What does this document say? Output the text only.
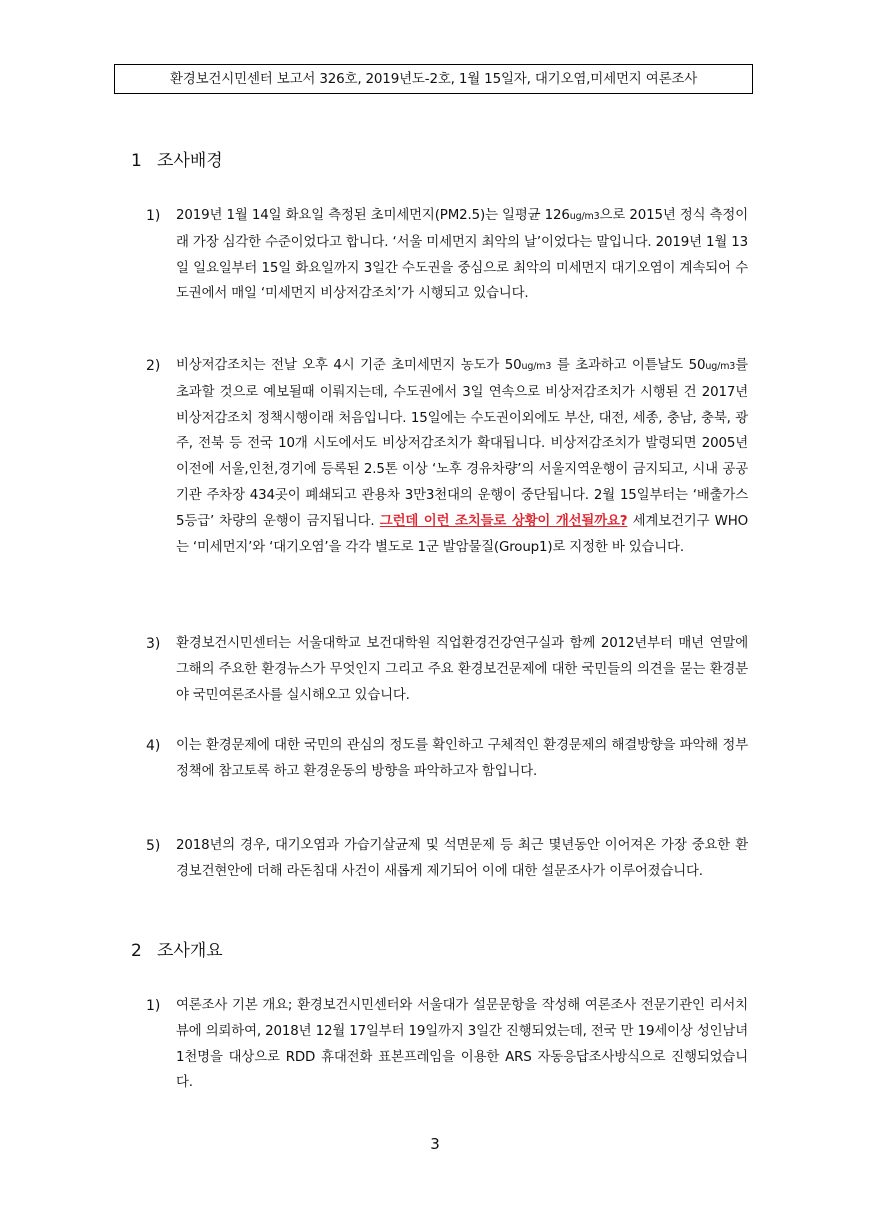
환경보건시민센터 보고서 326호, 2019년도-2호, 1월 15일자, 대기오염,미세먼지 여론조사
1 조사배경
1) 2019년 1월 14일 화요일 측정된 초미세먼지(PM2.5)는 일평균 126ug/m3으로 2015년 정식 측정이래 가장 심각한 수준이었다고 합니다. ‘서울 미세먼지 최악의 날’이었다는 말입니다. 2019년 1월 13일 일요일부터 15일 화요일까지 3일간 수도권을 중심으로 최악의 미세먼지 대기오염이 계속되어 수도권에서 매일 ‘미세먼지 비상저감조치’가 시행되고 있습니다.
2) 비상저감조치는 전날 오후 4시 기준 초미세먼지 농도가 50ug/m3 를 초과하고 이튿날도 50ug/m3를 초과할 것으로 예보될때 이뤄지는데, 수도권에서 3일 연속으로 비상저감조치가 시행된 건 2017년 비상저감조치 정책시행이래 처음입니다. 15일에는 수도권이외에도 부산, 대전, 세종, 충남, 충북, 광주, 전북 등 전국 10개 시도에서도 비상저감조치가 확대됩니다. 비상저감조치가 발령되면 2005년 이전에 서울,인천,경기에 등록된 2.5톤 이상 ‘노후 경유차량’의 서울지역운행이 금지되고, 시내 공공기관 주차장 434곳이 폐쇄되고 관용차 3만3천대의 운행이 중단됩니다. 2월 15일부터는 ‘배출가스 5등급’ 차량의 운행이 금지됩니다. 그런데 이런 조치들로 상황이 개선될까요? 세계보건기구 WHO는 ‘미세먼지’와 ‘대기오염’을 각각 별도로 1군 발암물질(Group1)로 지정한 바 있습니다.
3) 환경보건시민센터는 서울대학교 보건대학원 직업환경건강연구실과 함께 2012년부터 매년 연말에 그해의 주요한 환경뉴스가 무엇인지 그리고 주요 환경보건문제에 대한 국민들의 의견을 묻는 환경분야 국민여론조사를 실시해오고 있습니다.
4) 이는 환경문제에 대한 국민의 관심의 정도를 확인하고 구체적인 환경문제의 해결방향을 파악해 정부정책에 참고토록 하고 환경운동의 방향을 파악하고자 함입니다.
5) 2018년의 경우, 대기오염과 가습기살균제 및 석면문제 등 최근 몇년동안 이어져온 가장 중요한 환경보건현안에 더해 라돈침대 사건이 새롭게 제기되어 이에 대한 설문조사가 이루어졌습니다.
2 조사개요
1) 여론조사 기본 개요; 환경보건시민센터와 서울대가 설문문항을 작성해 여론조사 전문기관인 리서치뷰에 의뢰하여, 2018년 12월 17일부터 19일까지 3일간 진행되었는데, 전국 만 19세이상 성인남녀 1천명을 대상으로 RDD 휴대전화 표본프레임을 이용한 ARS 자동응답조사방식으로 진행되었습니다.
3
